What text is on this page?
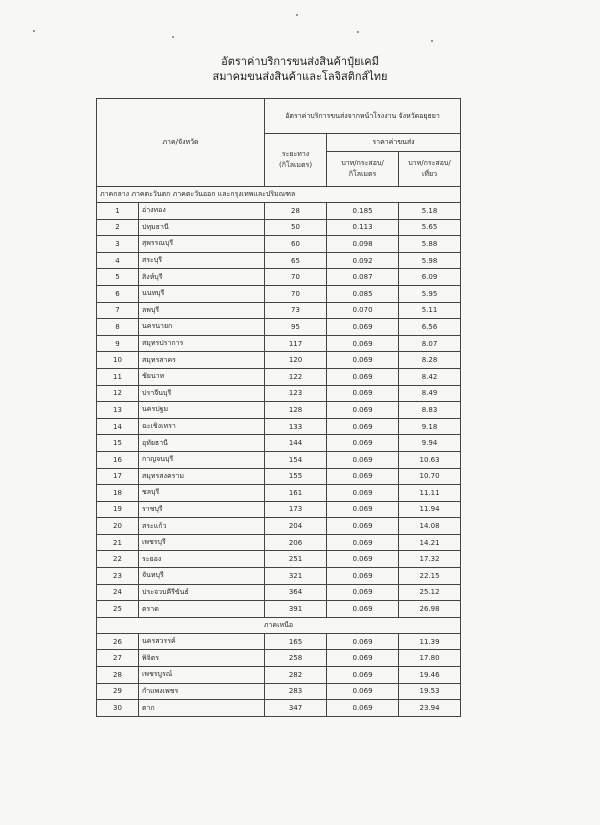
อัตราค่าบริการขนส่งสินค้าปุ๋ยเคมี
สมาคมขนส่งสินค้าและโลจิสติกส์ไทย
ภาค/จังหวัด		อัตราค่าบริการขนส่งจากหน้าโรงงาน จังหวัดอยุธยา		
		ระยะทาง (กิโลเมตร)	ราคาค่าขนส่ง	
			บาท/กระสอบ/ กิโลเมตร	บาท/กระสอบ/ เที่ยว
ภาคกลาง ภาคตะวันตก ภาคตะวันออก และกรุงเทพและปริมณฑล				
1	อ่างทอง	28	0.185	5.18
2	ปทุมธานี	50	0.113	5.65
3	สุพรรณบุรี	60	0.098	5.88
4	สระบุรี	65	0.092	5.98
5	สิงห์บุรี	70	0.087	6.09
6	นนทบุรี	70	0.085	5.95
7	ลพบุรี	73	0.070	5.11
8	นครนายก	95	0.069	6.56
9	สมุทรปราการ	117	0.069	8.07
10	สมุทรสาคร	120	0.069	8.28
11	ชัยนาท	122	0.069	8.42
12	ปราจีนบุรี	123	0.069	8.49
13	นครปฐม	128	0.069	8.83
14	ฉะเชิงเทรา	133	0.069	9.18
15	อุทัยธานี	144	0.069	9.94
16	กาญจนบุรี	154	0.069	10.63
17	สมุทรสงคราม	155	0.069	10.70
18	ชลบุรี	161	0.069	11.11
19	ราชบุรี	173	0.069	11.94
20	สระแก้ว	204	0.069	14.08
21	เพชรบุรี	206	0.069	14.21
22	ระยอง	251	0.069	17.32
23	จันทบุรี	321	0.069	22.15
24	ประจวบคีรีขันธ์	364	0.069	25.12
25	ตราด	391	0.069	26.98
ภาคเหนือ				
26	นครสวรรค์	165	0.069	11.39
27	พิจิตร	258	0.069	17.80
28	เพชรบูรณ์	282	0.069	19.46
29	กำแพงเพชร	283	0.069	19.53
30	ตาก	347	0.069	23.94
